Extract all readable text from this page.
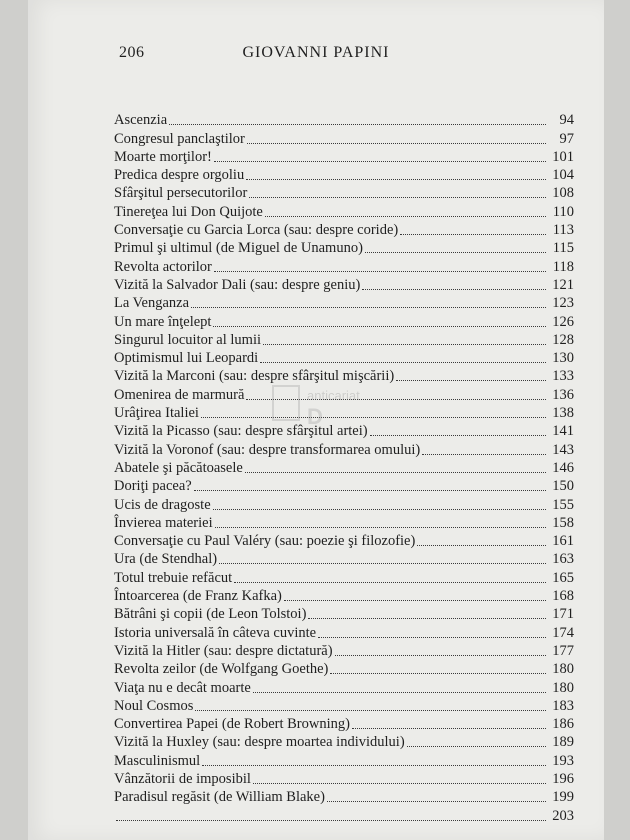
206	GIOVANNI PAPINI
Ascenzia	94
Congresul panclaştilor	97
Moarte morţilor!	101
Predica despre orgoliu	104
Sfârşitul persecutorilor	108
Tinereţea lui Don Quijote	110
Conversaţie cu Garcia Lorca (sau: despre coride)	113
Primul şi ultimul (de Miguel de Unamuno)	115
Revolta actorilor	118
Vizită la Salvador Dali (sau: despre geniu)	121
La Venganza	123
Un mare înţelept	126
Singurul locuitor al lumii	128
Optimismul lui Leopardi	130
Vizită la Marconi (sau: despre sfârşitul mişcării)	133
Omenirea de marmură	136
Urâţirea Italiei	138
Vizită la Picasso (sau: despre sfârşitul artei)	141
Vizită la Voronof (sau: despre transformarea omului)	143
Abatele şi păcătoasele	146
Doriţi pacea?	150
Ucis de dragoste	155
Învierea materiei	158
Conversaţie cu Paul Valéry (sau: poezie şi filozofie)	161
Ura (de Stendhal)	163
Totul trebuie refăcut	165
Întoarcerea (de Franz Kafka)	168
Bătrâni şi copii (de Leon Tolstoi)	171
Istoria universală în câteva cuvinte	174
Vizită la Hitler (sau: despre dictatură)	177
Revolta zeilor (de Wolfgang Goethe)	180
Viaţa nu e decât moarte	180
Noul Cosmos	183
Convertirea Papei (de Robert Browning)	186
Vizită la Huxley (sau: despre moartea individului)	189
Masculinismul	193
Vânzătorii de imposibil	196
Paradisul regăsit (de William Blake)	199
203
anticariat
D
